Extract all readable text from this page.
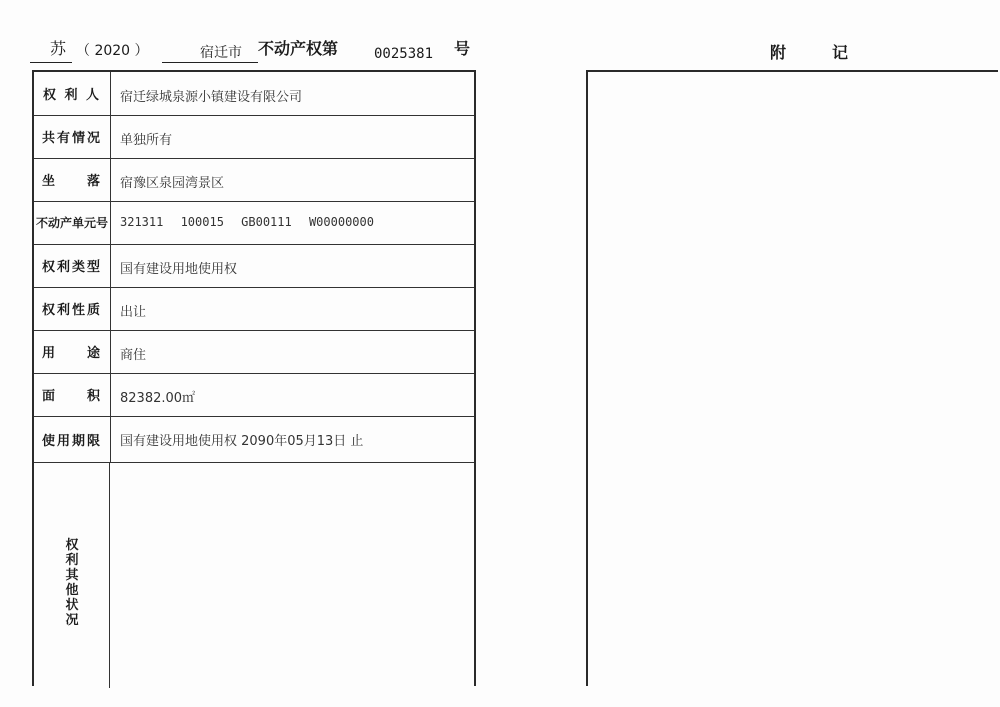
苏 （ 2020 ）	宿迁市 不动产权第	0025381 号
权 利 人	宿迁绿城泉源小镇建设有限公司
共有情况	单独所有
坐　　落	宿豫区泉园湾景区
不动产单元号 321311 100015 GB00111 W00000000
权利类型	国有建设用地使用权
权利性质	出让
用　　途	商住
面　　积	82382.00㎡
使用期限	国有建设用地使用权 2090年05月13日 止
权利其他状况
附记
